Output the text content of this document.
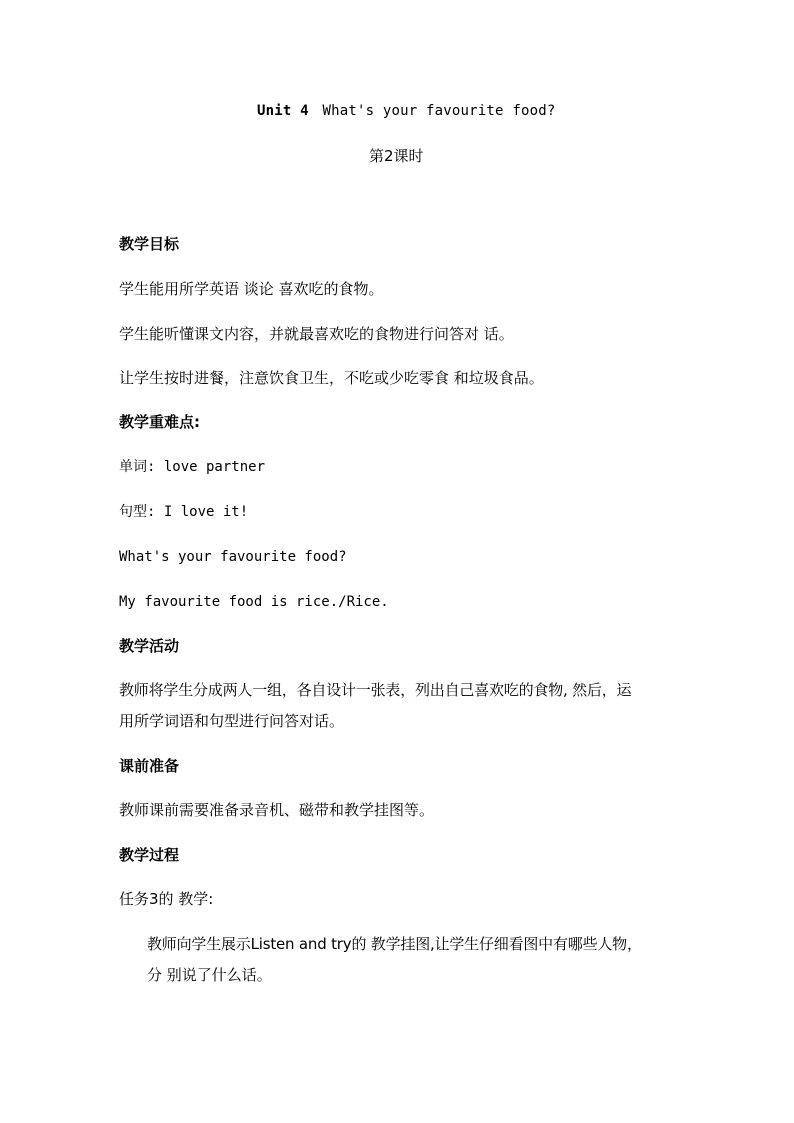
Unit 4 What's your favourite food?

第2课时

教学目标

学生能用所学英语 谈论 喜欢吃的食物。

学生能听懂课文内容，并就最喜欢吃的食物进行问答对 话。

让学生按时进餐，注意饮食卫生，不吃或少吃零食 和垃圾食品。

教学重难点:

单词: love partner

句型: I love it!

What's your favourite food?

My favourite food is rice./Rice.

教学活动

教师将学生分成两人一组，各自设计一张表，列出自己喜欢吃的食物, 然后，运

用所学词语和句型进行问答对话。

课前准备

教师课前需要准备录音机、磁带和教学挂图等。

教学过程

任务3的 教学:

教师向学生展示Listen and try的 教学挂图,让学生仔细看图中有哪些人物，

分 别说了什么话。
